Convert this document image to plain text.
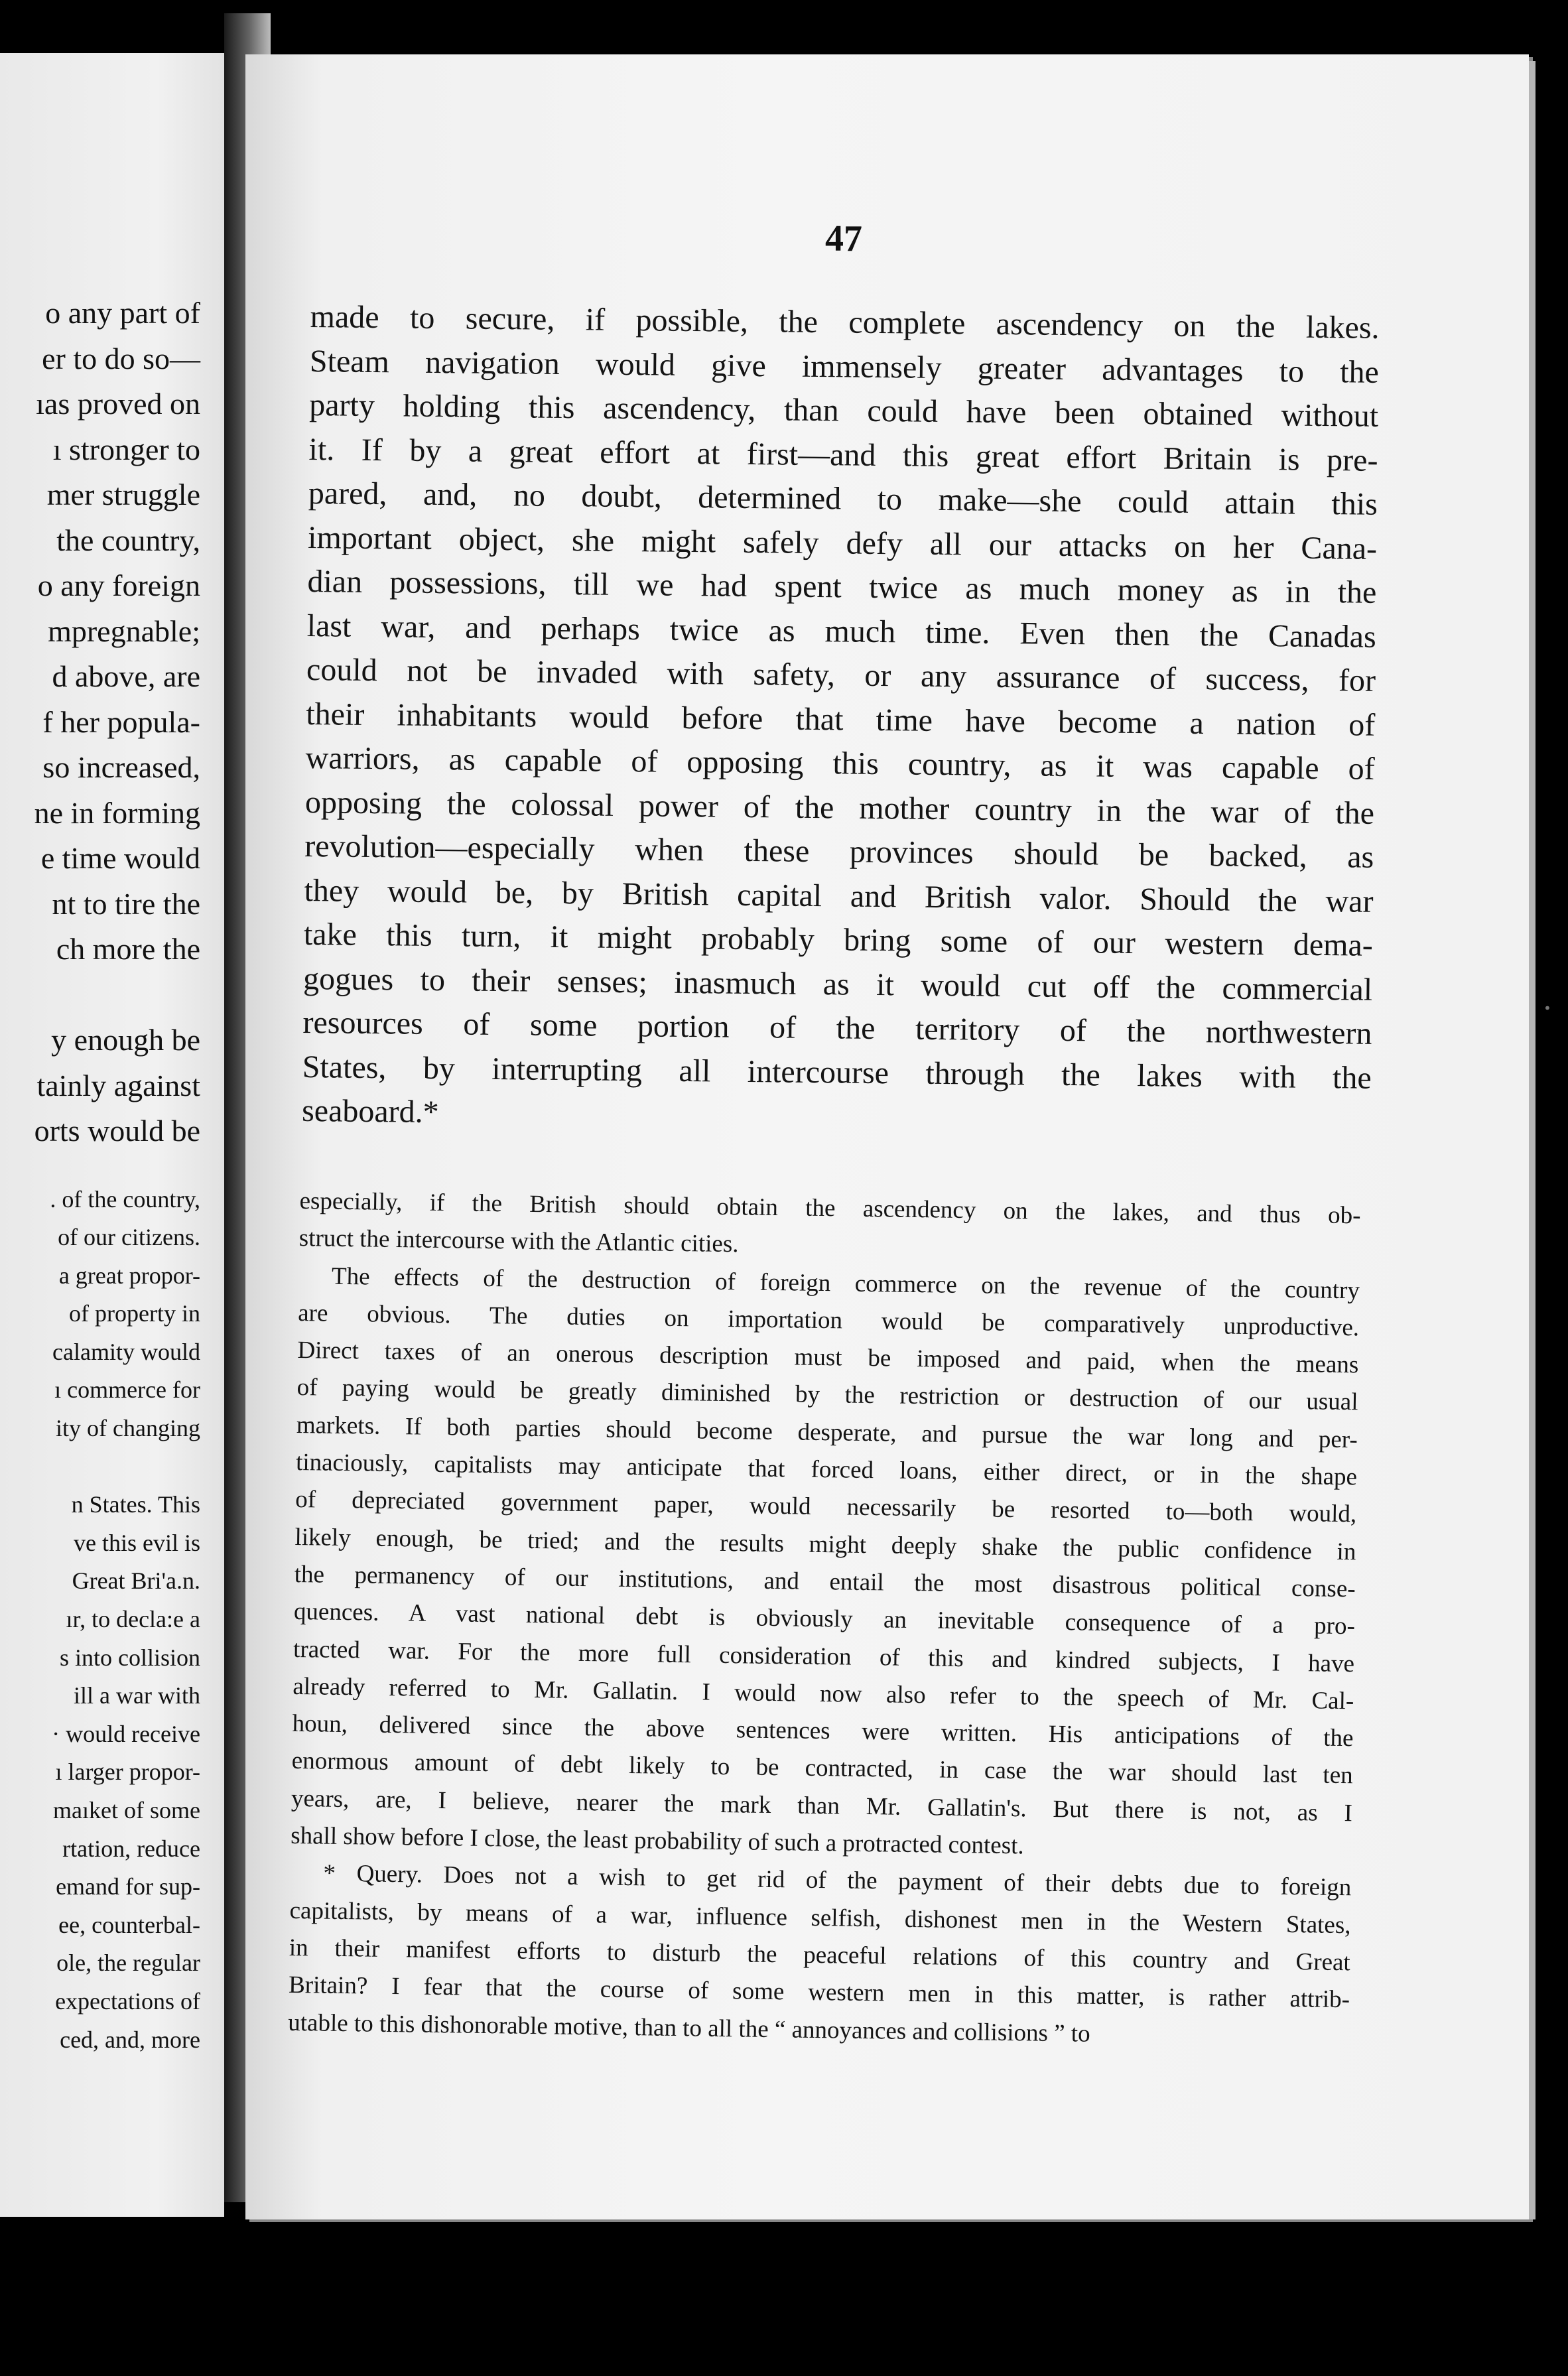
o any part of
er to do so—
ıas proved on
ı stronger to
mer struggle
the country,
o any foreign
mpregnable;
d above, are
f her popula-
so increased,
ne in forming
e time would
nt to tire the
ch more the

y enough be
tainly against
orts would be
. of the country,
of our citizens.
a great propor-
of property in
calamity would
ı commerce for
ity of changing

n States. This
ve this evil is
Great Bri'a.n.
ır, to decla:e a
s into collision
ill a war with
· would receive
ı larger propor-
maıket of some
rtation, reduce
emand for sup-
ee, counterbal-
ole, the regular
expectations of
ced, and, more
47
made to secure, if possible, the complete ascendency on the lakes.
Steam navigation would give immensely greater advantages to the
party holding this ascendency, than could have been obtained without
it. If by a great effort at first—and this great effort Britain is pre-
pared, and, no doubt, determined to make—she could attain this
important object, she might safely defy all our attacks on her Cana-
dian possessions, till we had spent twice as much money as in the
last war, and perhaps twice as much time. Even then the Canadas
could not be invaded with safety, or any assurance of success, for
their inhabitants would before that time have become a nation of
warriors, as capable of opposing this country, as it was capable of
opposing the colossal power of the mother country in the war of the
revolution—especially when these provinces should be backed, as
they would be, by British capital and British valor. Should the war
take this turn, it might probably bring some of our western dema-
gogues to their senses; inasmuch as it would cut off the commercial
resources of some portion of the territory of the northwestern
States, by interrupting all intercourse through the lakes with the
seaboard.*
especially, if the British should obtain the ascendency on the lakes, and thus ob-
struct the intercourse with the Atlantic cities.
The effects of the destruction of foreign commerce on the revenue of the country
are obvious. The duties on importation would be comparatively unproductive.
Direct taxes of an onerous description must be imposed and paid, when the means
of paying would be greatly diminished by the restriction or destruction of our usual
markets. If both parties should become desperate, and pursue the war long and per-
tinaciously, capitalists may anticipate that forced loans, either direct, or in the shape
of depreciated government paper, would necessarily be resorted to—both would,
likely enough, be tried; and the results might deeply shake the public confidence in
the permanency of our institutions, and entail the most disastrous political conse-
quences. A vast national debt is obviously an inevitable consequence of a pro-
tracted war. For the more full consideration of this and kindred subjects, I have
already referred to Mr. Gallatin. I would now also refer to the speech of Mr. Cal-
houn, delivered since the above sentences were written. His anticipations of the
enormous amount of debt likely to be contracted, in case the war should last ten
years, are, I believe, nearer the mark than Mr. Gallatin's. But there is not, as I
shall show before I close, the least probability of such a protracted contest.
* Query. Does not a wish to get rid of the payment of their debts due to foreign
capitalists, by means of a war, influence selfish, dishonest men in the Western States,
in their manifest efforts to disturb the peaceful relations of this country and Great
Britain? I fear that the course of some western men in this matter, is rather attrib-
utable to this dishonorable motive, than to all the “ annoyances and collisions ” to
•
